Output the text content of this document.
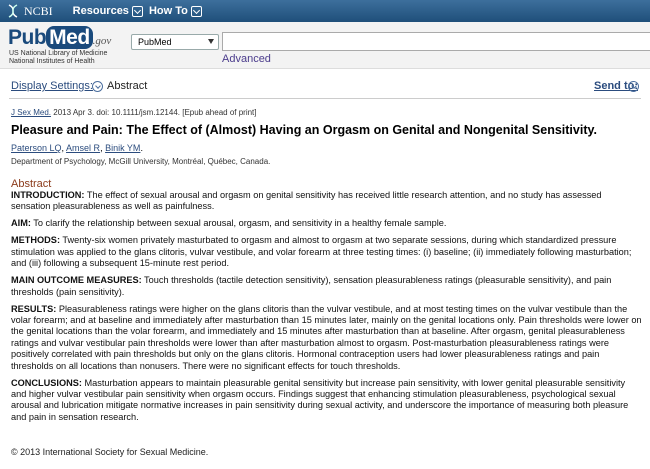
NCBI Resources How To
Pub Med .gov
US National Library of Medicine
National Institutes of Health
PubMed
Advanced
Display Settings: Abstract	Send to:
J Sex Med. 2013 Apr 3. doi: 10.1111/jsm.12144. [Epub ahead of print]
Pleasure and Pain: The Effect of (Almost) Having an Orgasm on Genital and Nongenital Sensitivity.
Paterson LQ, Amsel R, Binik YM.
Department of Psychology, McGill University, Montréal, Québec, Canada.
Abstract

INTRODUCTION: The effect of sexual arousal and orgasm on genital sensitivity has received little research attention, and no study has assessed sensation pleasurableness as well as painfulness.

AIM: To clarify the relationship between sexual arousal, orgasm, and sensitivity in a healthy female sample.

METHODS: Twenty-six women privately masturbated to orgasm and almost to orgasm at two separate sessions, during which standardized pressure stimulation was applied to the glans clitoris, vulvar vestibule, and volar forearm at three testing times: (i) baseline; (ii) immediately following masturbation; and (iii) following a subsequent 15-minute rest period.

MAIN OUTCOME MEASURES: Touch thresholds (tactile detection sensitivity), sensation pleasurableness ratings (pleasurable sensitivity), and pain thresholds (pain sensitivity).

RESULTS: Pleasurableness ratings were higher on the glans clitoris than the vulvar vestibule, and at most testing times on the vulvar vestibule than the volar forearm; and at baseline and immediately after masturbation than 15 minutes later, mainly on the genital locations only. Pain thresholds were lower on the genital locations than the volar forearm, and immediately and 15 minutes after masturbation than at baseline. After orgasm, genital pleasurableness ratings and vulvar vestibular pain thresholds were lower than after masturbation almost to orgasm. Post-masturbation pleasurableness ratings were positively correlated with pain thresholds but only on the glans clitoris. Hormonal contraception users had lower pleasurableness ratings and pain thresholds on all locations than nonusers. There were no significant effects for touch thresholds.

CONCLUSIONS: Masturbation appears to maintain pleasurable genital sensitivity but increase pain sensitivity, with lower genital pleasurable sensitivity and higher vulvar vestibular pain sensitivity when orgasm occurs. Findings suggest that enhancing stimulation pleasurableness, psychological sexual arousal and lubrication mitigate normative increases in pain sensitivity during sexual activity, and underscore the importance of measuring both pleasure and pain in sensation research.

© 2013 International Society for Sexual Medicine.
